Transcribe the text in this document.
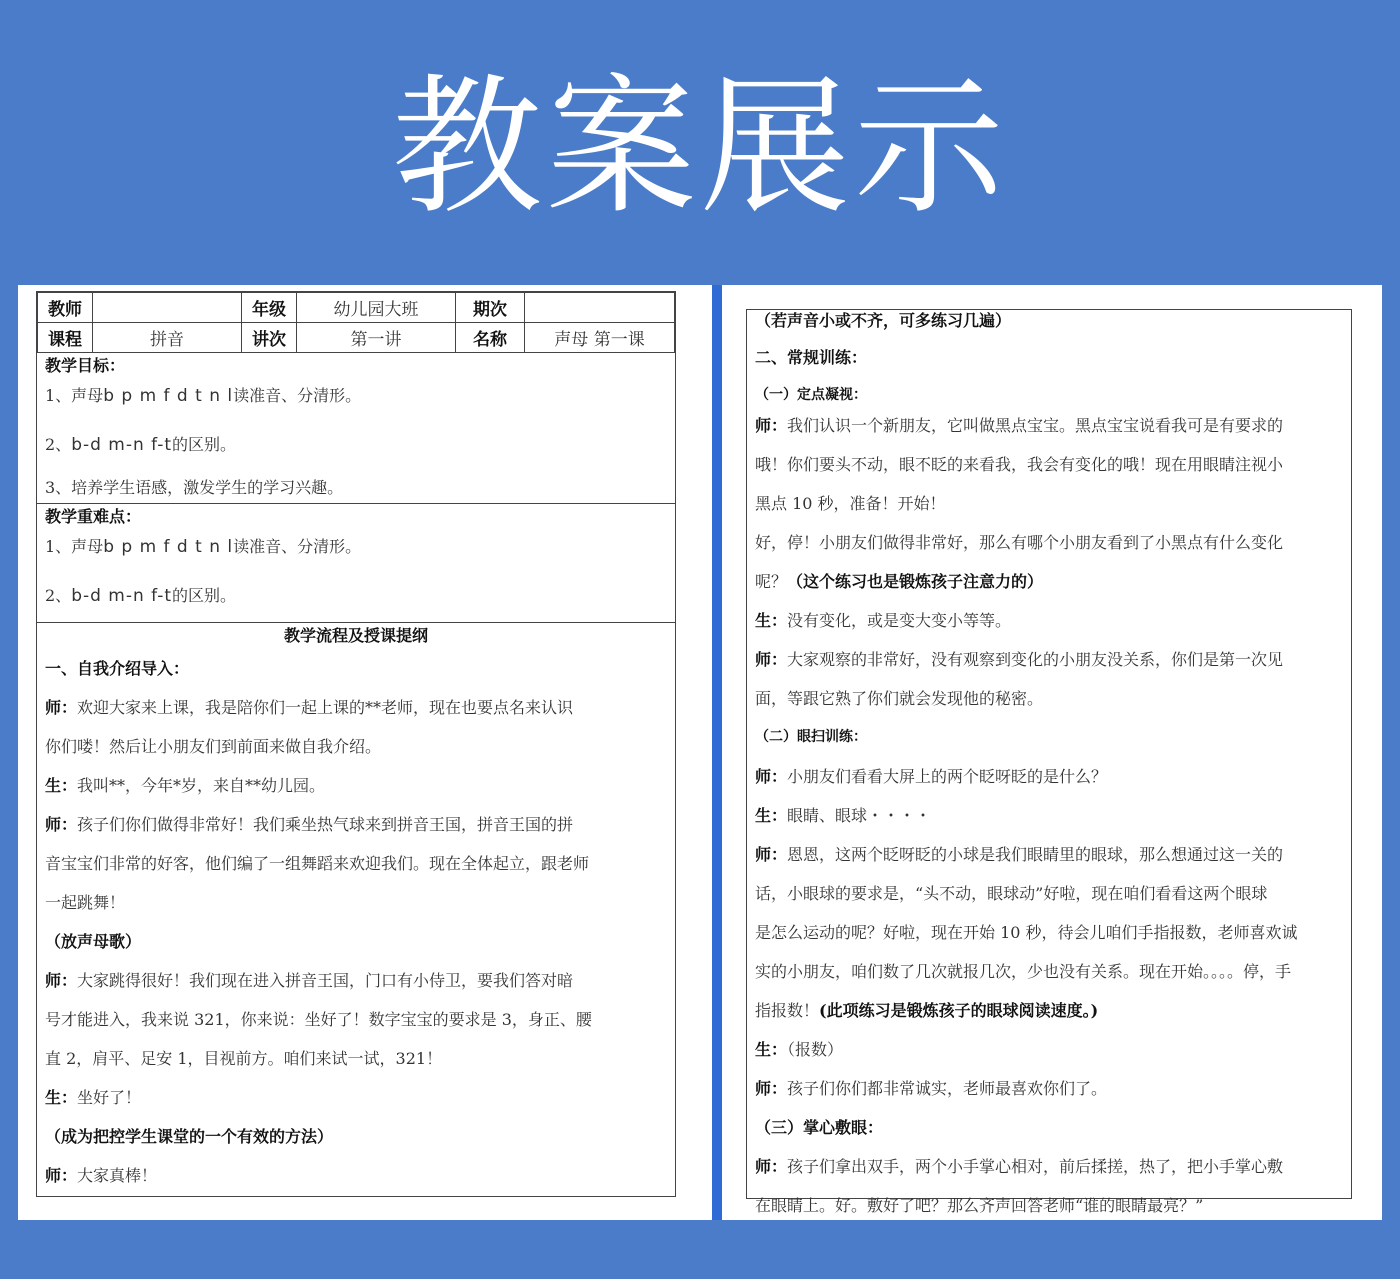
教案展示
教师		年级	幼儿园大班	期次	
课程	拼音	讲次	第一讲	名称	声母 第一课
教学目标：
1、声母b p m f d t n l读准音、分清形。
2、b-d m-n f-t的区别。
3、培养学生语感，激发学生的学习兴趣。
教学重难点：
1、声母b p m f d t n l读准音、分清形。
2、b-d m-n f-t的区别。
教学流程及授课提纲

一、自我介绍导入：

师：欢迎大家来上课，我是陪你们一起上课的**老师，现在也要点名来认识

你们喽！然后让小朋友们到前面来做自我介绍。

生：我叫**，今年*岁，来自**幼儿园。

师：孩子们你们做得非常好！我们乘坐热气球来到拼音王国，拼音王国的拼

音宝宝们非常的好客，他们编了一组舞蹈来欢迎我们。现在全体起立，跟老师

一起跳舞！

（放声母歌）

师：大家跳得很好！我们现在进入拼音王国，门口有小侍卫，要我们答对暗

号才能进入，我来说 321，你来说：坐好了！数字宝宝的要求是 3，身正、腰

直 2，肩平、足安 1，目视前方。咱们来试一试，321！

生：坐好了！

（成为把控学生课堂的一个有效的方法）

师：大家真棒！

（若声音小或不齐，可多练习几遍）

二、常规训练：

（一）定点凝视：

师：我们认识一个新朋友，它叫做黑点宝宝。黑点宝宝说看我可是有要求的

哦！你们要头不动，眼不眨的来看我，我会有变化的哦！现在用眼睛注视小

黑点 10 秒，准备！开始！

好，停！小朋友们做得非常好，那么有哪个小朋友看到了小黑点有什么变化

呢？（这个练习也是锻炼孩子注意力的）

生：没有变化，或是变大变小等等。

师：大家观察的非常好，没有观察到变化的小朋友没关系，你们是第一次见

面，等跟它熟了你们就会发现他的秘密。

（二）眼扫训练：

师：小朋友们看看大屏上的两个眨呀眨的是什么？

生：眼睛、眼球・・・・

师：恩恩，这两个眨呀眨的小球是我们眼睛里的眼球，那么想通过这一关的

话，小眼球的要求是，“头不动，眼球动”好啦，现在咱们看看这两个眼球

是怎么运动的呢？好啦，现在开始 10 秒，待会儿咱们手指报数，老师喜欢诚

实的小朋友，咱们数了几次就报几次，少也没有关系。现在开始。。。。停，手

指报数！(此项练习是锻炼孩子的眼球阅读速度。)

生：（报数）

师：孩子们你们都非常诚实，老师最喜欢你们了。

（三）掌心敷眼：

师：孩子们拿出双手，两个小手掌心相对，前后揉搓，热了，把小手掌心敷

在眼睛上。好。敷好了吧？那么齐声回答老师“谁的眼睛最亮？”
